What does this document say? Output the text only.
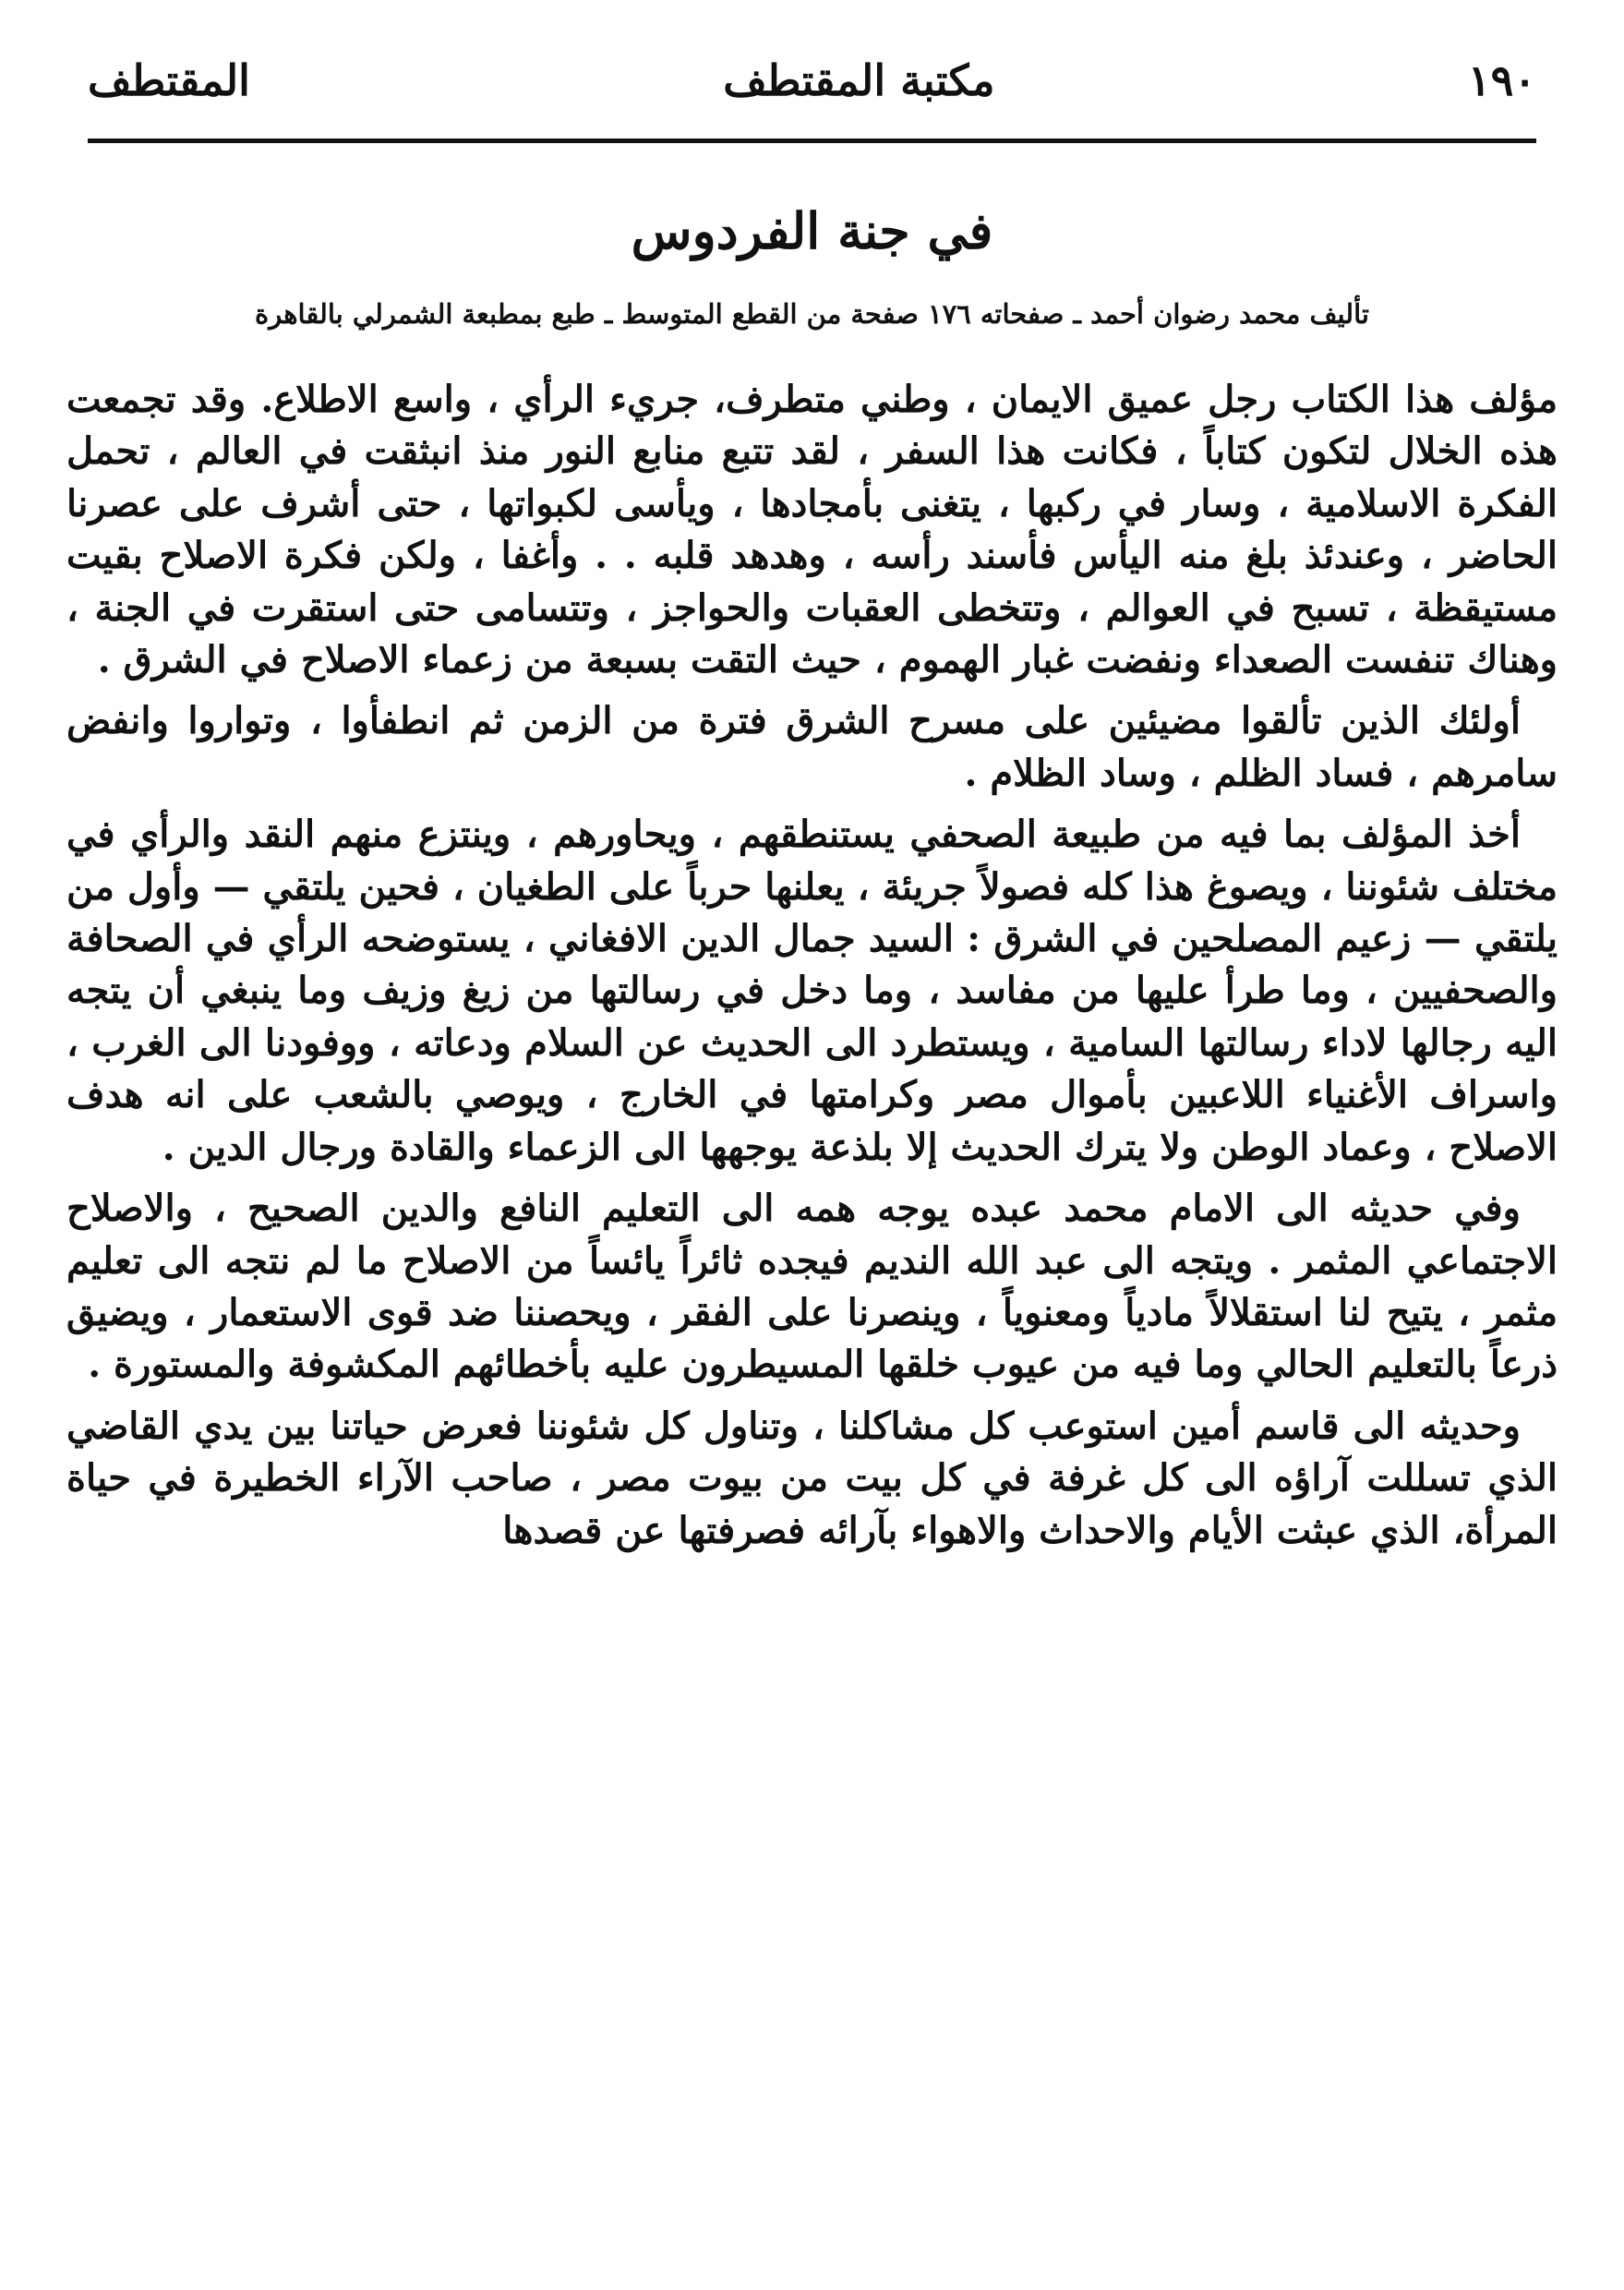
١٩٠
مكتبة المقتطف
المقتطف
في جنة الفردوس
تأليف محمد رضوان أحمد ـ صفحاته ١٧٦ صفحة من القطع المتوسط ـ طبع بمطبعة الشمرلي بالقاهرة

مؤلف هذا الكتاب رجل عميق الايمان ، وطني متطرف، جريء الرأي ، واسع الاطلاع. وقد تجمعت هذه الخلال لتكون كتاباً ، فكانت هذا السفر ، لقد تتبع منابع النور منذ انبثقت في العالم ، تحمل الفكرة الاسلامية ، وسار في ركبها ، يتغنى بأمجادها ، ويأسى لكبواتها ، حتى أشرف على عصرنا الحاضر ، وعندئذ بلغ منه اليأس فأسند رأسه ، وهدهد قلبه . . وأغفا ، ولكن فكرة الاصلاح بقيت مستيقظة ، تسبح في العوالم ، وتتخطى العقبات والحواجز ، وتتسامى حتى استقرت في الجنة ، وهناك تنفست الصعداء ونفضت غبار الهموم ، حيث التقت بسبعة من زعماء الاصلاح في الشرق .

أولئك الذين تألقوا مضيئين على مسرح الشرق فترة من الزمن ثم انطفأوا ، وتواروا وانفض سامرهم ، فساد الظلم ، وساد الظلام .

أخذ المؤلف بما فيه من طبيعة الصحفي يستنطقهم ، ويحاورهم ، وينتزع منهم النقد والرأي في مختلف شئوننا ، ويصوغ هذا كله فصولاً جريئة ، يعلنها حرباً على الطغيان ، فحين يلتقي — وأول من يلتقي — زعيم المصلحين في الشرق : السيد جمال الدين الافغاني ، يستوضحه الرأي في الصحافة والصحفيين ، وما طرأ عليها من مفاسد ، وما دخل في رسالتها من زيغ وزيف وما ينبغي أن يتجه اليه رجالها لاداء رسالتها السامية ، ويستطرد الى الحديث عن السلام ودعاته ، ووفودنا الى الغرب ، واسراف الأغنياء اللاعبين بأموال مصر وكرامتها في الخارج ، ويوصي بالشعب على انه هدف الاصلاح ، وعماد الوطن ولا يترك الحديث إلا بلذعة يوجهها الى الزعماء والقادة ورجال الدين .

وفي حديثه الى الامام محمد عبده يوجه همه الى التعليم النافع والدين الصحيح ، والاصلاح الاجتماعي المثمر . ويتجه الى عبد الله النديم فيجده ثائراً يائساً من الاصلاح ما لم نتجه الى تعليم مثمر ، يتيح لنا استقلالاً مادياً ومعنوياً ، وينصرنا على الفقر ، ويحصننا ضد قوى الاستعمار ، ويضيق ذرعاً بالتعليم الحالي وما فيه من عيوب خلقها المسيطرون عليه بأخطائهم المكشوفة والمستورة .

وحديثه الى قاسم أمين استوعب كل مشاكلنا ، وتناول كل شئوننا فعرض حياتنا بين يدي القاضي الذي تسللت آراؤه الى كل غرفة في كل بيت من بيوت مصر ، صاحب الآراء الخطيرة في حياة المرأة، الذي عبثت الأيام والاحداث والاهواء بآرائه فصرفتها عن قصدها
